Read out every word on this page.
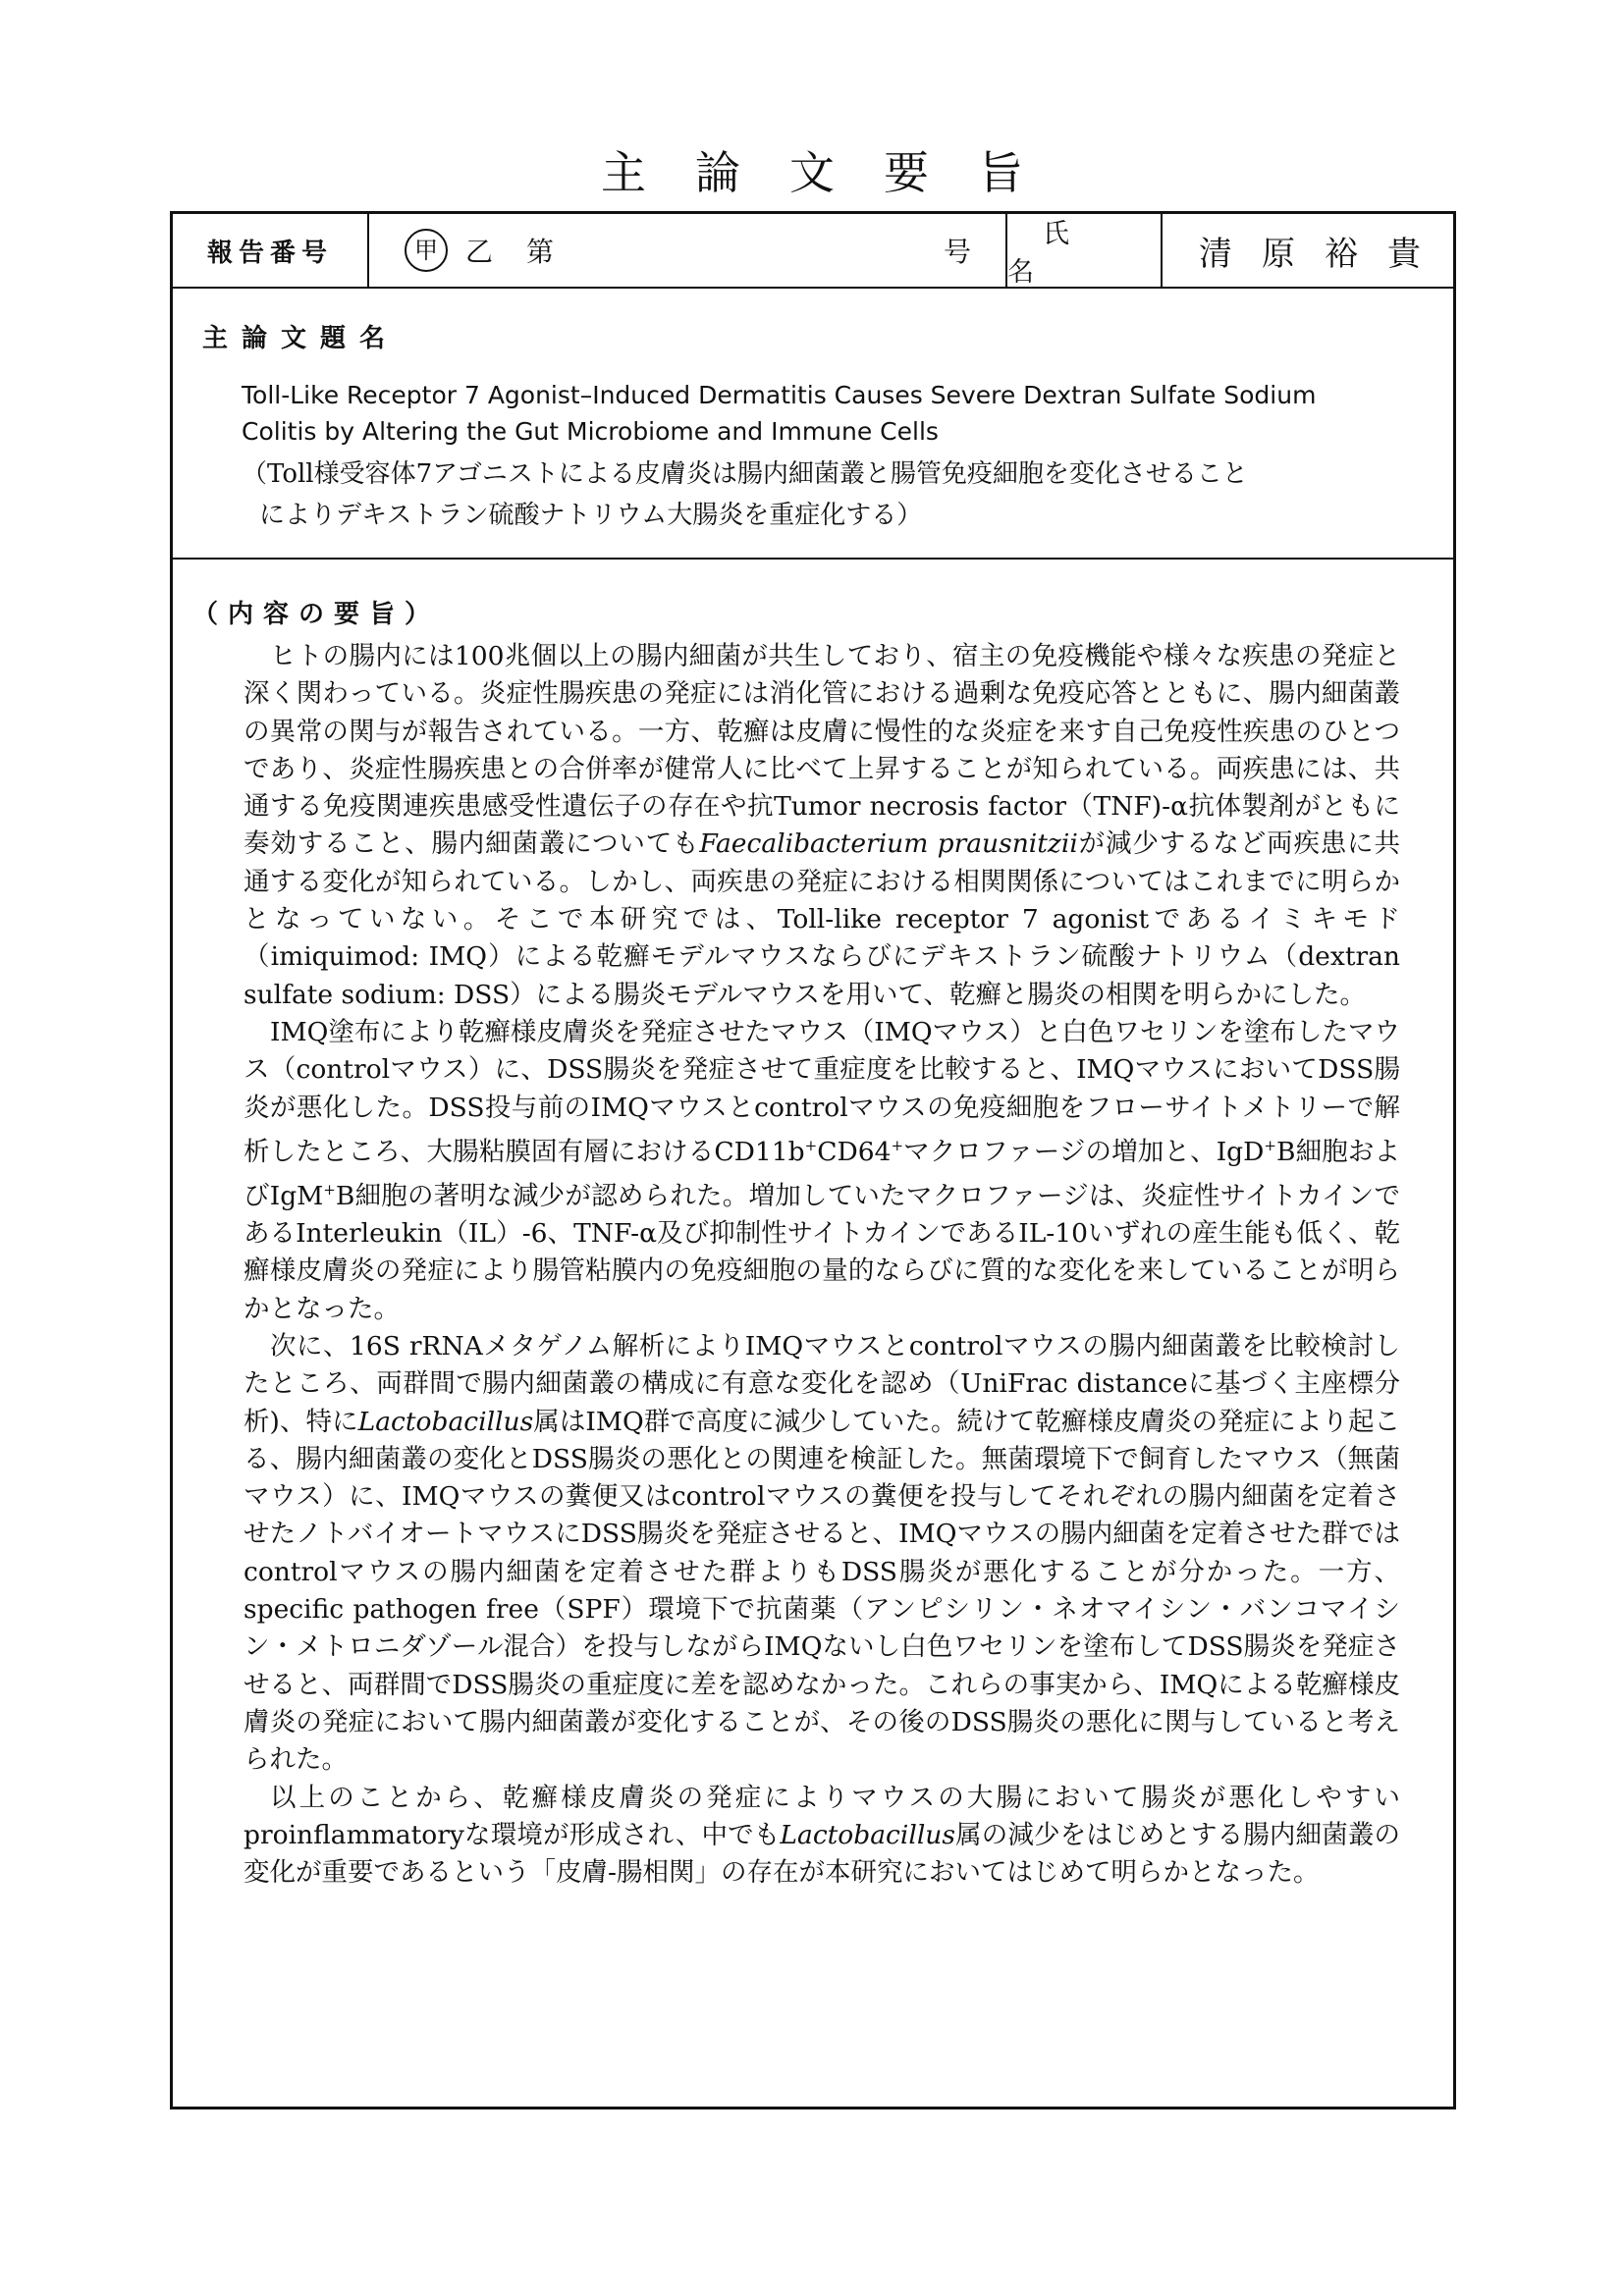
主論文要旨
報告番号	甲	乙 第	号
氏名	清原裕貴
主論文題名
Toll-Like Receptor 7 Agonist–Induced Dermatitis Causes Severe Dextran Sulfate Sodium
Colitis by Altering the Gut Microbiome and Immune Cells
（Toll様受容体7アゴニストによる皮膚炎は腸内細菌叢と腸管免疫細胞を変化させること
によりデキストラン硫酸ナトリウム大腸炎を重症化する）
（内容の要旨）

ヒトの腸内には100兆個以上の腸内細菌が共生しており、宿主の免疫機能や様々な疾患の発症と深く関わっている。炎症性腸疾患の発症には消化管における過剰な免疫応答とともに、腸内細菌叢の異常の関与が報告されている。一方、乾癬は皮膚に慢性的な炎症を来す自己免疫性疾患のひとつであり、炎症性腸疾患との合併率が健常人に比べて上昇することが知られている。両疾患には、共通する免疫関連疾患感受性遺伝子の存在や抗Tumor necrosis factor（TNF)-α抗体製剤がともに奏効すること、腸内細菌叢についてもFaecalibacterium prausnitziiが減少するなど両疾患に共通する変化が知られている。しかし、両疾患の発症における相関関係についてはこれまでに明らかとなっていない。そこで本研究では、Toll-like receptor 7 agonistであるイミキモド（imiquimod: IMQ）による乾癬モデルマウスならびにデキストラン硫酸ナトリウム（dextran sulfate sodium: DSS）による腸炎モデルマウスを用いて、乾癬と腸炎の相関を明らかにした。

IMQ塗布により乾癬様皮膚炎を発症させたマウス（IMQマウス）と白色ワセリンを塗布したマウス（controlマウス）に、DSS腸炎を発症させて重症度を比較すると、IMQマウスにおいてDSS腸炎が悪化した。DSS投与前のIMQマウスとcontrolマウスの免疫細胞をフローサイトメトリーで解析したところ、大腸粘膜固有層におけるCD11b+CD64+マクロファージの増加と、IgD+B細胞およびIgM+B細胞の著明な減少が認められた。増加していたマクロファージは、炎症性サイトカインであるInterleukin（IL）-6、TNF-α及び抑制性サイトカインであるIL-10いずれの産生能も低く、乾癬様皮膚炎の発症により腸管粘膜内の免疫細胞の量的ならびに質的な変化を来していることが明らかとなった。

次に、16S rRNAメタゲノム解析によりIMQマウスとcontrolマウスの腸内細菌叢を比較検討したところ、両群間で腸内細菌叢の構成に有意な変化を認め（UniFrac distanceに基づく主座標分析)、特にLactobacillus属はIMQ群で高度に減少していた。続けて乾癬様皮膚炎の発症により起こる、腸内細菌叢の変化とDSS腸炎の悪化との関連を検証した。無菌環境下で飼育したマウス（無菌マウス）に、IMQマウスの糞便又はcontrolマウスの糞便を投与してそれぞれの腸内細菌を定着させたノトバイオートマウスにDSS腸炎を発症させると、IMQマウスの腸内細菌を定着させた群ではcontrolマウスの腸内細菌を定着させた群よりもDSS腸炎が悪化することが分かった。一方、specific pathogen free（SPF）環境下で抗菌薬（アンピシリン・ネオマイシン・バンコマイシン・メトロニダゾール混合）を投与しながらIMQないし白色ワセリンを塗布してDSS腸炎を発症させると、両群間でDSS腸炎の重症度に差を認めなかった。これらの事実から、IMQによる乾癬様皮膚炎の発症において腸内細菌叢が変化することが、その後のDSS腸炎の悪化に関与していると考えられた。

以上のことから、乾癬様皮膚炎の発症によりマウスの大腸において腸炎が悪化しやすいproinflammatoryな環境が形成され、中でもLactobacillus属の減少をはじめとする腸内細菌叢の変化が重要であるという「皮膚-腸相関」の存在が本研究においてはじめて明らかとなった。
